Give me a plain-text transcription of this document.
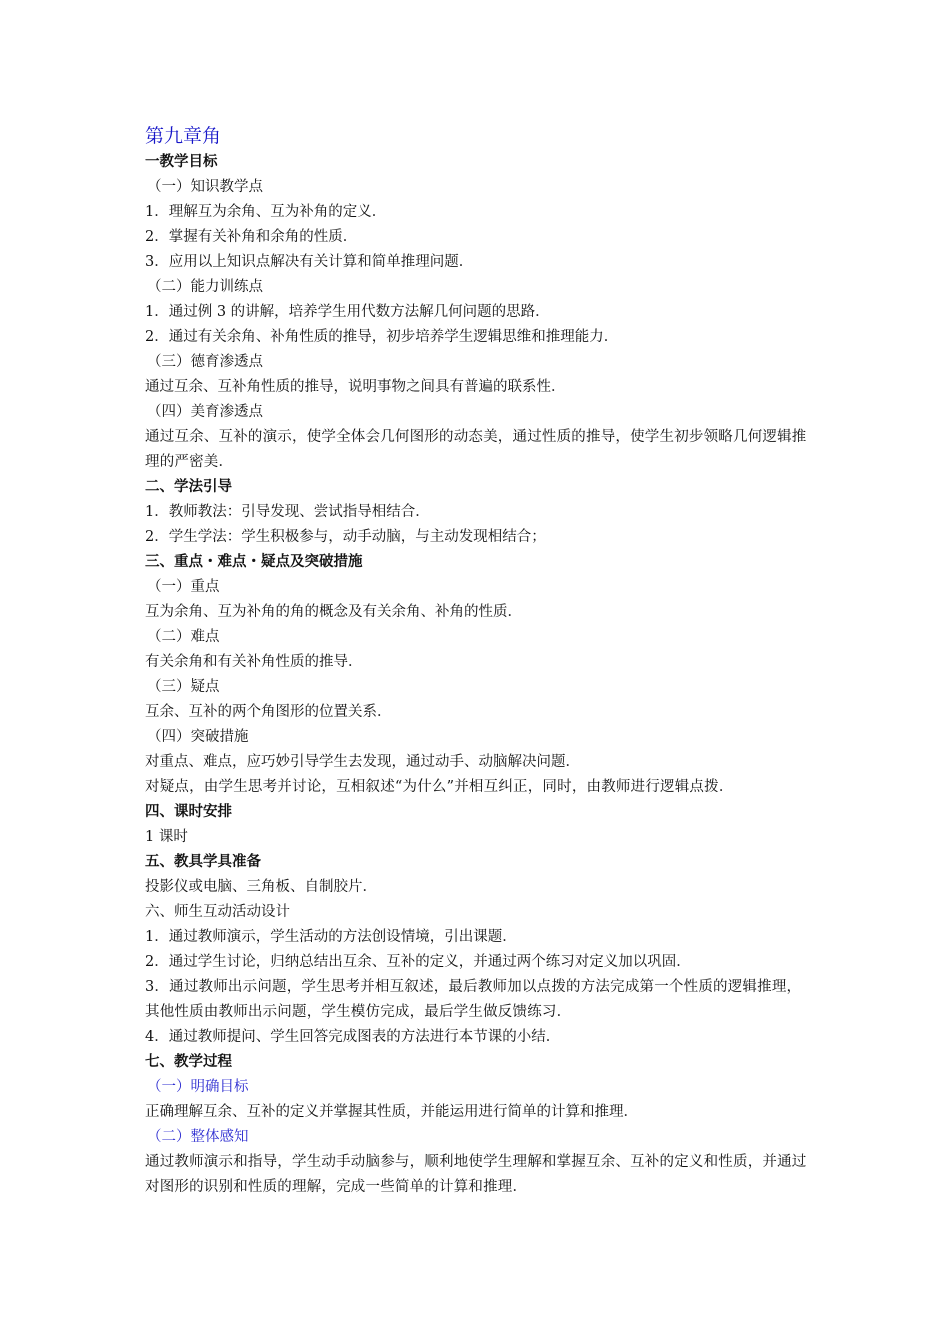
第九章角
一教学目标
（一）知识教学点
1．理解互为余角、互为补角的定义．
2．掌握有关补角和余角的性质．
3．应用以上知识点解决有关计算和简单推理问题．
（二）能力训练点
1．通过例 3 的讲解，培养学生用代数方法解几何问题的思路．
2．通过有关余角、补角性质的推导，初步培养学生逻辑思维和推理能力．
（三）德育渗透点
通过互余、互补角性质的推导，说明事物之间具有普遍的联系性．
（四）美育渗透点
通过互余、互补的演示，使学全体会几何图形的动态美，通过性质的推导，使学生初步领略几何逻辑推理的严密美．
二、学法引导
1．教师教法：引导发现、尝试指导相结合．
2．学生学法：学生积极参与，动手动脑，与主动发现相结合；
三、重点・难点・疑点及突破措施
（一）重点
互为余角、互为补角的角的概念及有关余角、补角的性质．
（二）难点
有关余角和有关补角性质的推导．
（三）疑点
互余、互补的两个角图形的位置关系．
（四）突破措施
对重点、难点，应巧妙引导学生去发现，通过动手、动脑解决问题．
对疑点，由学生思考并讨论，互相叙述“为什么”并相互纠正，同时，由教师进行逻辑点拨．
四、课时安排
1 课时
五、教具学具准备
投影仪或电脑、三角板、自制胶片．
六、师生互动活动设计
1．通过教师演示，学生活动的方法创设情境，引出课题．
2．通过学生讨论，归纳总结出互余、互补的定义，并通过两个练习对定义加以巩固．
3．通过教师出示问题，学生思考并相互叙述，最后教师加以点拨的方法完成第一个性质的逻辑推理，其他性质由教师出示问题，学生模仿完成，最后学生做反馈练习．
4．通过教师提问、学生回答完成图表的方法进行本节课的小结．
七、教学过程
（一）明确目标
正确理解互余、互补的定义并掌握其性质，并能运用进行简单的计算和推理．
（二）整体感知
通过教师演示和指导，学生动手动脑参与，顺利地使学生理解和掌握互余、互补的定义和性质，并通过对图形的识别和性质的理解，完成一些简单的计算和推理．
